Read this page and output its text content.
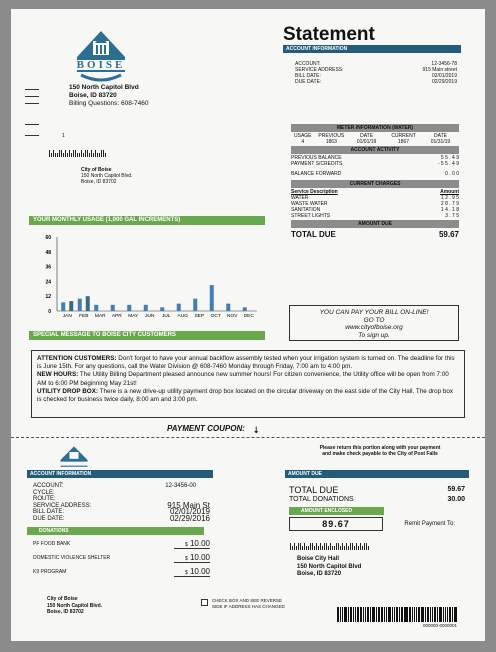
BOISE
150 North Capitol Blvd
Boise, ID 83720
Billing Questions: 608-7460
1
City of Boise
150 North Capitol Blvd.
Boise, ID 83702
Statement
ACCOUNT INFORMATION
ACCOUNT:	12-3456-78
SERVICE ADDRESS:	915 Main street
BILL DATE:	02/01/2019
DUE DATE:	02/29/2019
METER INFORMATION (WATER)
USAGE	PREVIOUS	DATE	CURRENT	DATE
4	1863	01/01/19	1867	01/31/19
ACCOUNT ACTIVITY
PREVIOUS BALANCE	5 5 . 4 9
PAYMENT S/CREDITS	- 5 5 . 4 9
BALANCE FORWARD	0 . 0 0
CURRENT CHARGES
Service Description	Amount
WATER	1 2 . 9 5
WASTE WATER	2 8 . 7 9
SANITATION	1 4 . 1 8
STREET LIGHTS	3 . 7 5
AMOUNT DUE
TOTAL DUE	59.67
YOUR MONTHLY USAGE (1,000 GAL INCREMENTS)
60
48
36
24
12
0
JAN FEB MAR APR MAY JUN JUL AUG SEP OCT NOV DEC
SPECIAL MESSAGE TO BOISE CITY CUSTOMERS
YOU CAN PAY YOUR BILL ON-LINE!
GO TO
www.cityofboise.org
To sign up.
ATTENTION CUSTOMERS: Don't forget to have your annual backflow assembly tested when your irrigation system is turned on. The deadline for this is June 15th. For any questions, call the Water Division @ 608-7460 Monday through Friday, 7:00 am to 4:00 pm.
NEW HOURS: The Utility Billing Department pleased announce new summer hours! For citizen convenience, the Utility office will be open from 7:00 AM to 6:00 PM beginning May 21st!
UTILITY DROP BOX: There is a new drive-up utility payment drop box located on the circular driveway on the east side of the City Hall. The drop box is checked for business twice daily, 8:00 am and 3:00 pm.
PAYMENT COUPON: ⭣
Please return this portion along with your payment
and make check payable to the City of Post Falls
ACCOUNT INFORMATION
ACCOUNT:	12-3456-00
CYCLE:
ROUTE:
SERVICE ADDRESS:	915 Main St
BILL DATE:	02/01/2019
DUE DATE:	02/29/2016
DONATIONS
PF FOOD BANK	$ 10.00
DOMESTIC VIOLENCE SHELTER	$ 10.00
K9 PROGRAM	$ 10.00
AMOUNT DUE
TOTAL DUE	59.67
TOTAL DONATIONS	30.00
AMOUNT ENCLOSED
89.67	Remit Payment To:
Boise City Hall
150 North Capitol Blvd
Boise, ID 83720
City of Boise
150 North Capitol Blvd.
Boise, ID 83702
CHECK BOX AND SEE REVERSE
SIDE IF ADDRESS HAS CHANGED
000000-0000001
